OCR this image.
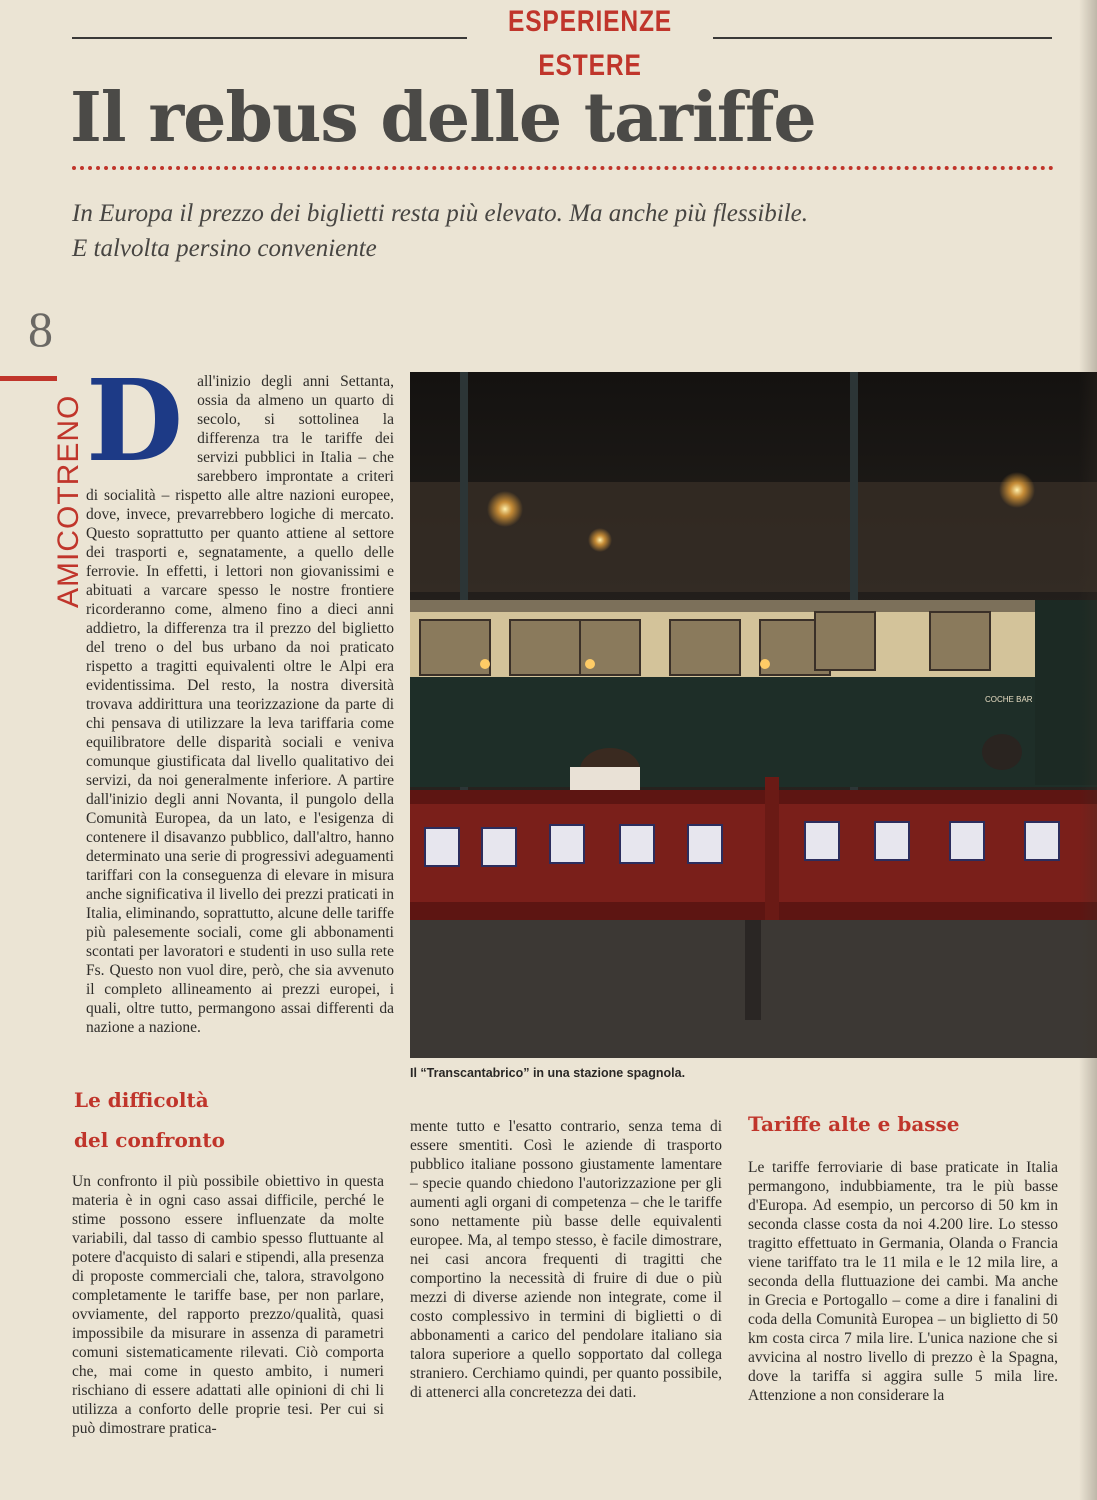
ESPERIENZE ESTERE
Il rebus delle tariffe
In Europa il prezzo dei biglietti resta più elevato. Ma anche più flessibile.
E talvolta persino conveniente
8
AMICOTRENO D all'inizio degli anni Settanta, ossia da almeno un quarto di secolo, si sottolinea la differenza tra le tariffe dei servizi pubblici in Italia – che sarebbero improntate a criteri di socialità – rispetto alle altre nazioni europee, dove, invece, prevarrebbero logiche di mercato. Questo soprattutto per quanto attiene al settore dei trasporti e, segnatamente, a quello delle ferrovie. In effetti, i lettori non giovanissimi e abituati a varcare spesso le nostre frontiere ricorderanno come, almeno fino a dieci anni addietro, la differenza tra il prezzo del biglietto del treno o del bus urbano da noi praticato rispetto a tragitti equivalenti oltre le Alpi era evidentissima. Del resto, la nostra diversità trovava addirittura una teorizzazione da parte di chi pensava di utilizzare la leva tariffaria come equilibratore delle disparità sociali e veniva comunque giustificata dal livello qualitativo dei servizi, da noi generalmente inferiore. A partire dall'inizio degli anni Novanta, il pungolo della Comunità Europea, da un lato, e l'esigenza di contenere il disavanzo pubblico, dall'altro, hanno determinato una serie di progressivi adeguamenti tariffari con la conseguenza di elevare in misura anche significativa il livello dei prezzi praticati in Italia, eliminando, soprattutto, alcune delle tariffe più palesemente sociali, come gli abbonamenti scontati per lavoratori e studenti in uso sulla rete Fs. Questo non vuol dire, però, che sia avvenuto il completo allineamento ai prezzi europei, i quali, oltre tutto, permangono assai differenti da nazione a nazione.

COCHE BAR
Il “Transcantabrico” in una stazione spagnola.
Le difficoltà
del confronto

Un confronto il più possibile obiettivo in questa materia è in ogni caso assai difficile, perché le stime possono essere influenzate da molte variabili, dal tasso di cambio spesso fluttuante al potere d'acquisto di salari e stipendi, alla presenza di proposte commerciali che, talora, stravolgono completamente le tariffe base, per non parlare, ovviamente, del rapporto prezzo/qualità, quasi impossibile da misurare in assenza di parametri comuni sistematicamente rilevati. Ciò comporta che, mai come in questo ambito, i numeri rischiano di essere adattati alle opinioni di chi li utilizza a conforto delle proprie tesi. Per cui si può dimostrare pratica-

mente tutto e l'esatto contrario, senza tema di essere smentiti. Così le aziende di trasporto pubblico italiane possono giustamente lamentare – specie quando chiedono l'autorizzazione per gli aumenti agli organi di competenza – che le tariffe sono nettamente più basse delle equivalenti europee. Ma, al tempo stesso, è facile dimostrare, nei casi ancora frequenti di tragitti che comportino la necessità di fruire di due o più mezzi di diverse aziende non integrate, come il costo complessivo in termini di biglietti o di abbonamenti a carico del pendolare italiano sia talora superiore a quello sopportato dal collega straniero. Cerchiamo quindi, per quanto possibile, di attenerci alla concretezza dei dati.

Tariffe alte e basse

Le tariffe ferroviarie di base praticate in Italia permangono, indubbiamente, tra le più basse d'Europa. Ad esempio, un percorso di 50 km in seconda classe costa da noi 4.200 lire. Lo stesso tragitto effettuato in Germania, Olanda o Francia viene tariffato tra le 11 mila e le 12 mila lire, a seconda della fluttuazione dei cambi. Ma anche in Grecia e Portogallo – come a dire i fanalini di coda della Comunità Europea – un biglietto di 50 km costa circa 7 mila lire. L'unica nazione che si avvicina al nostro livello di prezzo è la Spagna, dove la tariffa si aggira sulle 5 mila lire. Attenzione a non considerare la
